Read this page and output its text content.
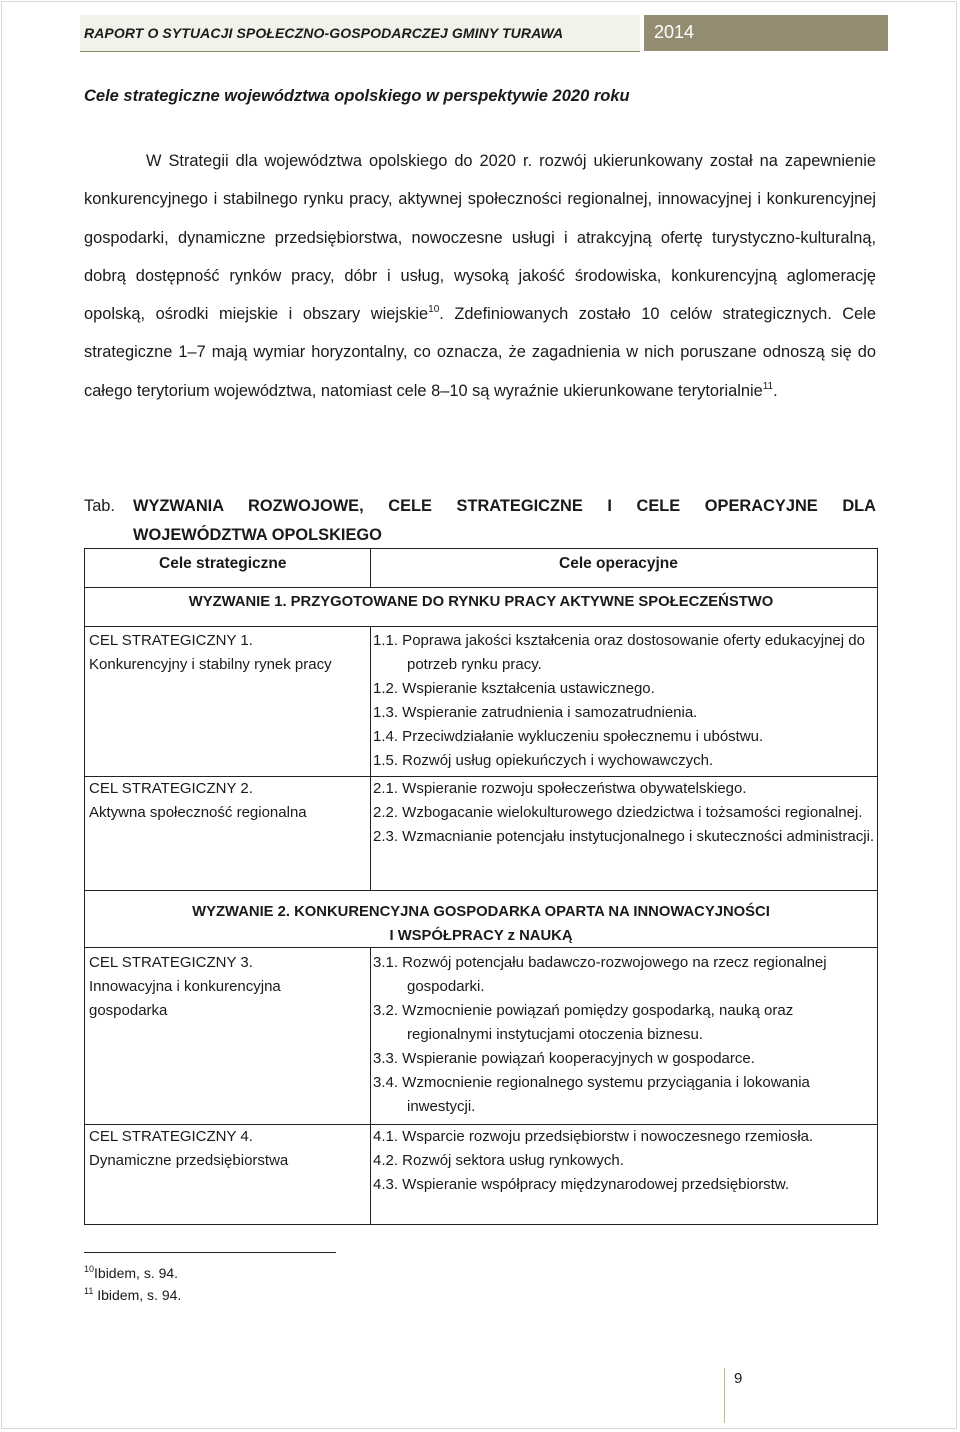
RAPORT O SYTUACJI SPOŁECZNO-GOSPODARCZEJ GMINY TURAWA	2014
Cele strategiczne województwa opolskiego w perspektywie 2020 roku
W Strategii dla województwa opolskiego do 2020 r. rozwój ukierunkowany został na zapewnienie konkurencyjnego i stabilnego rynku pracy, aktywnej społeczności regionalnej, innowacyjnej i konkurencyjnej gospodarki, dynamiczne przedsiębiorstwa, nowoczesne usługi i atrakcyjną ofertę turystyczno-kulturalną, dobrą dostępność rynków pracy, dóbr i usług, wysoką jakość środowiska, konkurencyjną aglomerację opolską, ośrodki miejskie i obszary wiejskie$^{10}$. Zdefiniowanych zostało 10 celów strategicznych. Cele strategiczne 1–7 mają wymiar horyzontalny, co oznacza, że zagadnienia w nich poruszane odnoszą się do całego terytorium województwa, natomiast cele 8–10 są wyraźnie ukierunkowane terytorialnie$^{11}$.
Tab. WYZWANIA ROZWOJOWE, CELE STRATEGICZNE I CELE OPERACYJNE DLA
WOJEWÓDZTWA OPOLSKIEGO
Cele strategiczne	Cele operacyjne
WYZWANIE 1. PRZYGOTOWANE DO RYNKU PRACY AKTYWNE SPOŁECZEŃSTWO
WYZWANIE 2. KONKURENCYJNA GOSPODARKA OPARTA NA INNOWACYJNOŚCI
I WSPÓŁPRACY z NAUKĄ
CEL STRATEGICZNY 1.
Konkurencyjny i stabilny rynek pracy
1.1. Poprawa jakości kształcenia oraz dostosowanie oferty edukacyjnej do potrzeb rynku pracy.
1.2. Wspieranie kształcenia ustawicznego.
1.3. Wspieranie zatrudnienia i samozatrudnienia.
1.4. Przeciwdziałanie wykluczeniu społecznemu i ubóstwu.
1.5. Rozwój usług opiekuńczych i wychowawczych.
CEL STRATEGICZNY 2.
Aktywna społeczność regionalna
2.1. Wspieranie rozwoju społeczeństwa obywatelskiego.
2.2. Wzbogacanie wielokulturowego dziedzictwa i tożsamości regionalnej.
2.3. Wzmacnianie potencjału instytucjonalnego i skuteczności administracji.
CEL STRATEGICZNY 3.
Innowacyjna i konkurencyjna gospodarka
3.1. Rozwój potencjału badawczo-rozwojowego na rzecz regionalnej gospodarki.
3.2. Wzmocnienie powiązań pomiędzy gospodarką, nauką oraz regionalnymi instytucjami otoczenia biznesu.
3.3. Wspieranie powiązań kooperacyjnych w gospodarce.
3.4. Wzmocnienie regionalnego systemu przyciągania i lokowania inwestycji.
CEL STRATEGICZNY 4.
Dynamiczne przedsiębiorstwa
4.1. Wsparcie rozwoju przedsiębiorstw i nowoczesnego rzemiosła.
4.2. Rozwój sektora usług rynkowych.
4.3. Wspieranie współpracy międzynarodowej przedsiębiorstw.
$^{10}$Ibidem, s. 94.
$^{11}$ Ibidem, s. 94.
9
